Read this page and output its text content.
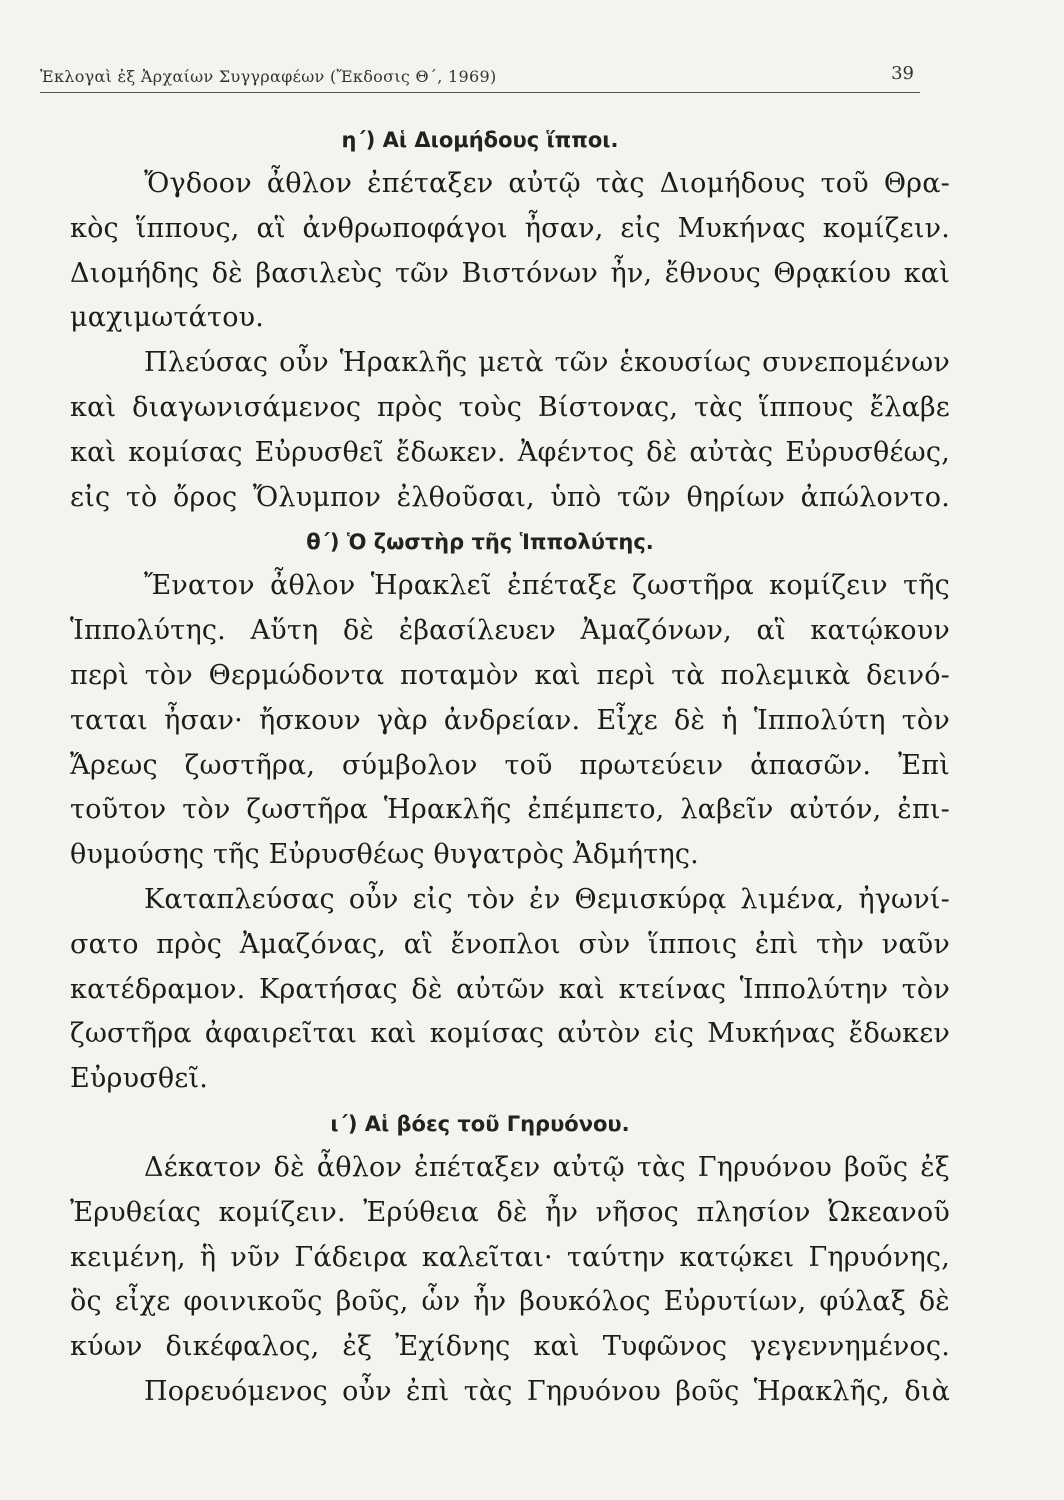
Ἐκλογαὶ ἐξ Ἀρχαίων Συγγραφέων (Ἔκδοσις Θ΄, 1969)	39
η΄) Αἱ Διομήδους ἵπποι.
Ὄγδοον ἆθλον ἐπέταξεν αὐτῷ τὰς Διομήδους τοῦ Θρα-
κὸς ἵππους, αἳ ἀνθρωποφάγοι ἦσαν, εἰς Μυκήνας κομίζειν.
Διομήδης δὲ βασιλεὺς τῶν Βιστόνων ἦν, ἔθνους Θρᾳκίου καὶ
μαχιμωτάτου.
Πλεύσας οὖν Ἡρακλῆς μετὰ τῶν ἑκουσίως συνεπομένων
καὶ διαγωνισάμενος πρὸς τοὺς Βίστονας, τὰς ἵππους ἔλαβε
καὶ κομίσας Εὐρυσθεῖ ἔδωκεν. Ἀφέντος δὲ αὐτὰς Εὐρυσθέως,
εἰς τὸ ὄρος Ὄλυμπον ἐλθοῦσαι, ὑπὸ τῶν θηρίων ἀπώλοντο.
θ΄) Ὁ ζωστὴρ τῆς Ἱππολύτης.
Ἔνατον ἆθλον Ἡρακλεῖ ἐπέταξε ζωστῆρα κομίζειν τῆς
Ἱππολύτης. Αὕτη δὲ ἐβασίλευεν Ἀμαζόνων, αἳ κατῴκουν
περὶ τὸν Θερμώδοντα ποταμὸν καὶ περὶ τὰ πολεμικὰ δεινό-
ταται ἦσαν· ἤσκουν γὰρ ἀνδρείαν. Εἶχε δὲ ἡ Ἱππολύτη τὸν
Ἄρεως ζωστῆρα, σύμβολον τοῦ πρωτεύειν ἁπασῶν. Ἐπὶ
τοῦτον τὸν ζωστῆρα Ἡρακλῆς ἐπέμπετο, λαβεῖν αὐτόν, ἐπι-
θυμούσης τῆς Εὐρυσθέως θυγατρὸς Ἀδμήτης.
Καταπλεύσας οὖν εἰς τὸν ἐν Θεμισκύρᾳ λιμένα, ἠγωνί-
σατο πρὸς Ἀμαζόνας, αἳ ἔνοπλοι σὺν ἵπποις ἐπὶ τὴν ναῦν
κατέδραμον. Κρατήσας δὲ αὐτῶν καὶ κτείνας Ἱππολύτην τὸν
ζωστῆρα ἀφαιρεῖται καὶ κομίσας αὐτὸν εἰς Μυκήνας ἔδωκεν
Εὐρυσθεῖ.
ι΄) Αἱ βόες τοῦ Γηρυόνου.
Δέκατον δὲ ἆθλον ἐπέταξεν αὐτῷ τὰς Γηρυόνου βοῦς ἐξ
Ἐρυθείας κομίζειν. Ἐρύθεια δὲ ἦν νῆσος πλησίον Ὠκεανοῦ
κειμένη, ἣ νῦν Γάδειρα καλεῖται· ταύτην κατῴκει Γηρυόνης,
ὃς εἶχε φοινικοῦς βοῦς, ὧν ἦν βουκόλος Εὐρυτίων, φύλαξ δὲ
κύων δικέφαλος, ἐξ Ἐχίδνης καὶ Τυφῶνος γεγεννημένος.
Πορευόμενος οὖν ἐπὶ τὰς Γηρυόνου βοῦς Ἡρακλῆς, διὰ
